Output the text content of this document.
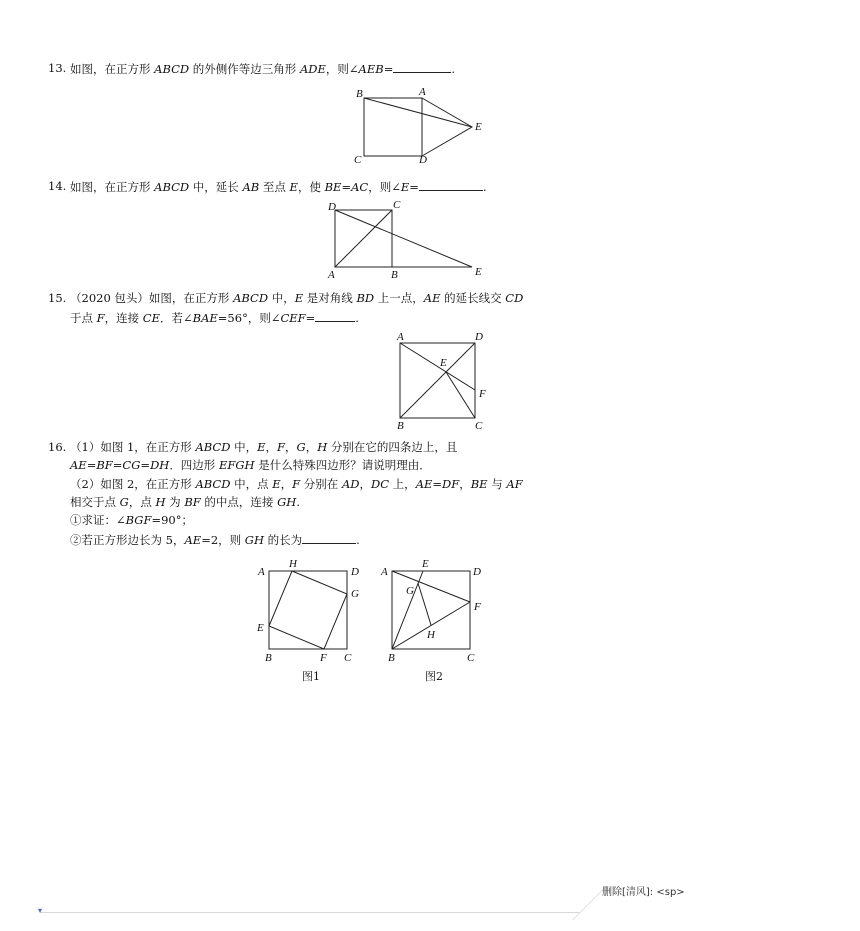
13. 如图，在正方形 ABCD 的外侧作等边三角形 ADE，则∠AEB=	.
B	A
E
C	D
14. 如图，在正方形 ABCD 中，延长 AB 至点 E，使 BE=AC，则∠E=	.
D	C
A	B	E
15. （2020 包头）如图，在正方形 ABCD 中，E 是对角线 BD 上一点，AE 的延长线交 CD
于点 F，连接 CE．若∠BAE=56°，则∠CEF=	.
A	D
E
F
B	C
16. （1）如图 1，在正方形 ABCD 中，E，F，G，H 分别在它的四条边上，且
AE=BF=CG=DH．四边形 EFGH 是什么特殊四边形？请说明理由．
（2）如图 2，在正方形 ABCD 中，点 E，F 分别在 AD，DC 上，AE=DF，BE 与 AF
相交于点 G，点 H 为 BF 的中点，连接 GH.
①求证：∠BGF=90°；
②若正方形边长为 5，AE=2，则 GH 的长为	.
A
H
D
G
E
B	F C
图1
A
E
D
G
F
H
B	C
图2
删除[清风]: <sp>
▾
